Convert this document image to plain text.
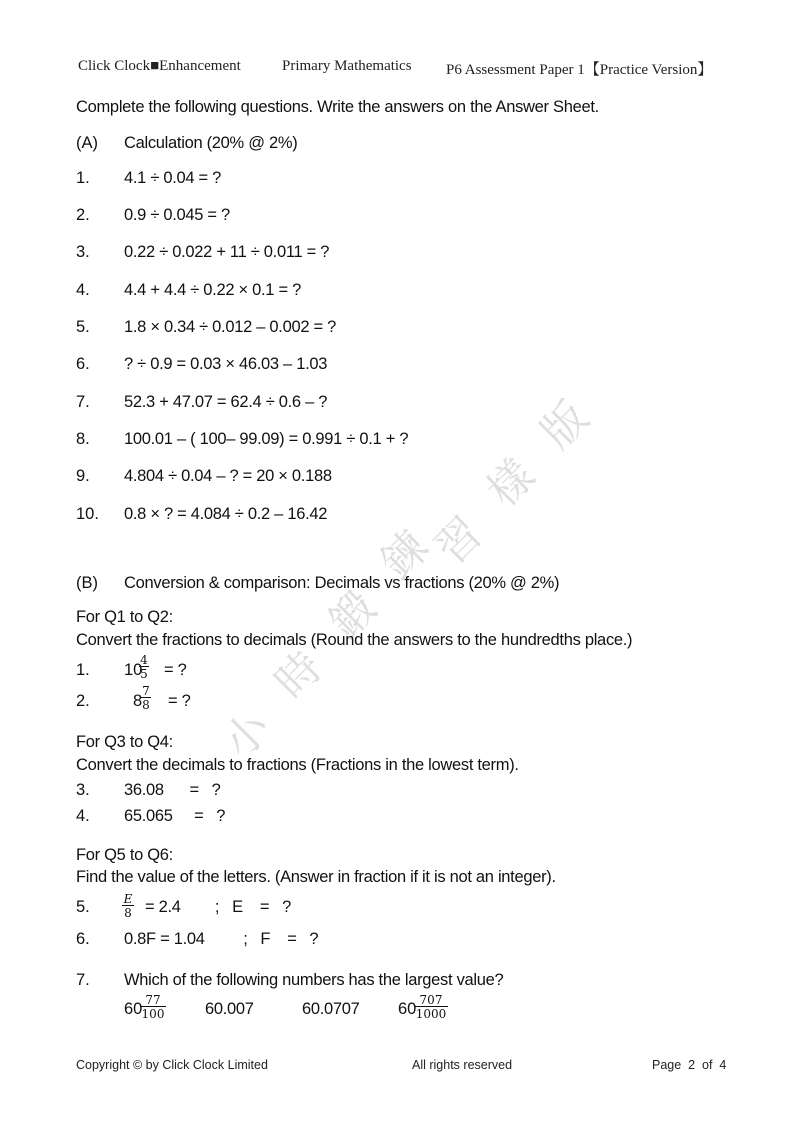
小
時
鍛
鍊
習
樣
版
Click Clock■Enhancement	Primary Mathematics P6 Assessment Paper 1【Practice Version】
Complete the following questions. Write the answers on the Answer Sheet.
(A) Calculation (20% @ 2%)
1. 4.1 ÷ 0.04 = ?
2. 0.9 ÷ 0.045 = ?
3. 0.22 ÷ 0.022 + 11 ÷ 0.011 = ?
4. 4.4 + 4.4 ÷ 0.22 × 0.1 = ?
5. 1.8 × 0.34 ÷ 0.012 – 0.002 = ?
6. ? ÷ 0.9 = 0.03 × 46.03 – 1.03
7. 52.3 + 47.07 = 62.4 ÷ 0.6 – ?
8. 100.01 – ( 100– 99.09) = 0.991 ÷ 0.1 + ?
9. 4.804 ÷ 0.04 – ? = 20 × 0.188
10. 0.8 × ? = 4.084 ÷ 0.2 – 16.42
(B) Conversion & comparison: Decimals vs fractions (20% @ 2%)
For Q1 to Q2:
Convert the fractions to decimals (Round the answers to the hundredths place.)
1. 10
$\frac{4}{5}$ = ?
2.	8
$\frac{7}{8}$ = ?
For Q3 to Q4:
Convert the decimals to fractions (Fractions in the lowest term).
3. 36.08      =   ?
4. 65.065     =   ?
For Q5 to Q6:
Find the value of the letters. (Answer in fraction if it is not an integer).
5.	$\frac{E}{8} = 2.4$        ;   E    =   ?
6. 0.8F = 1.04         ;   F    =   ?
7. Which of the following numbers has the largest value?
60
$\frac{77}{100} 60.007$	60.0707 60
$\frac{707}{1000}$
Copyright © by Click Clock Limited	All rights reserved	Page  2  of  4
